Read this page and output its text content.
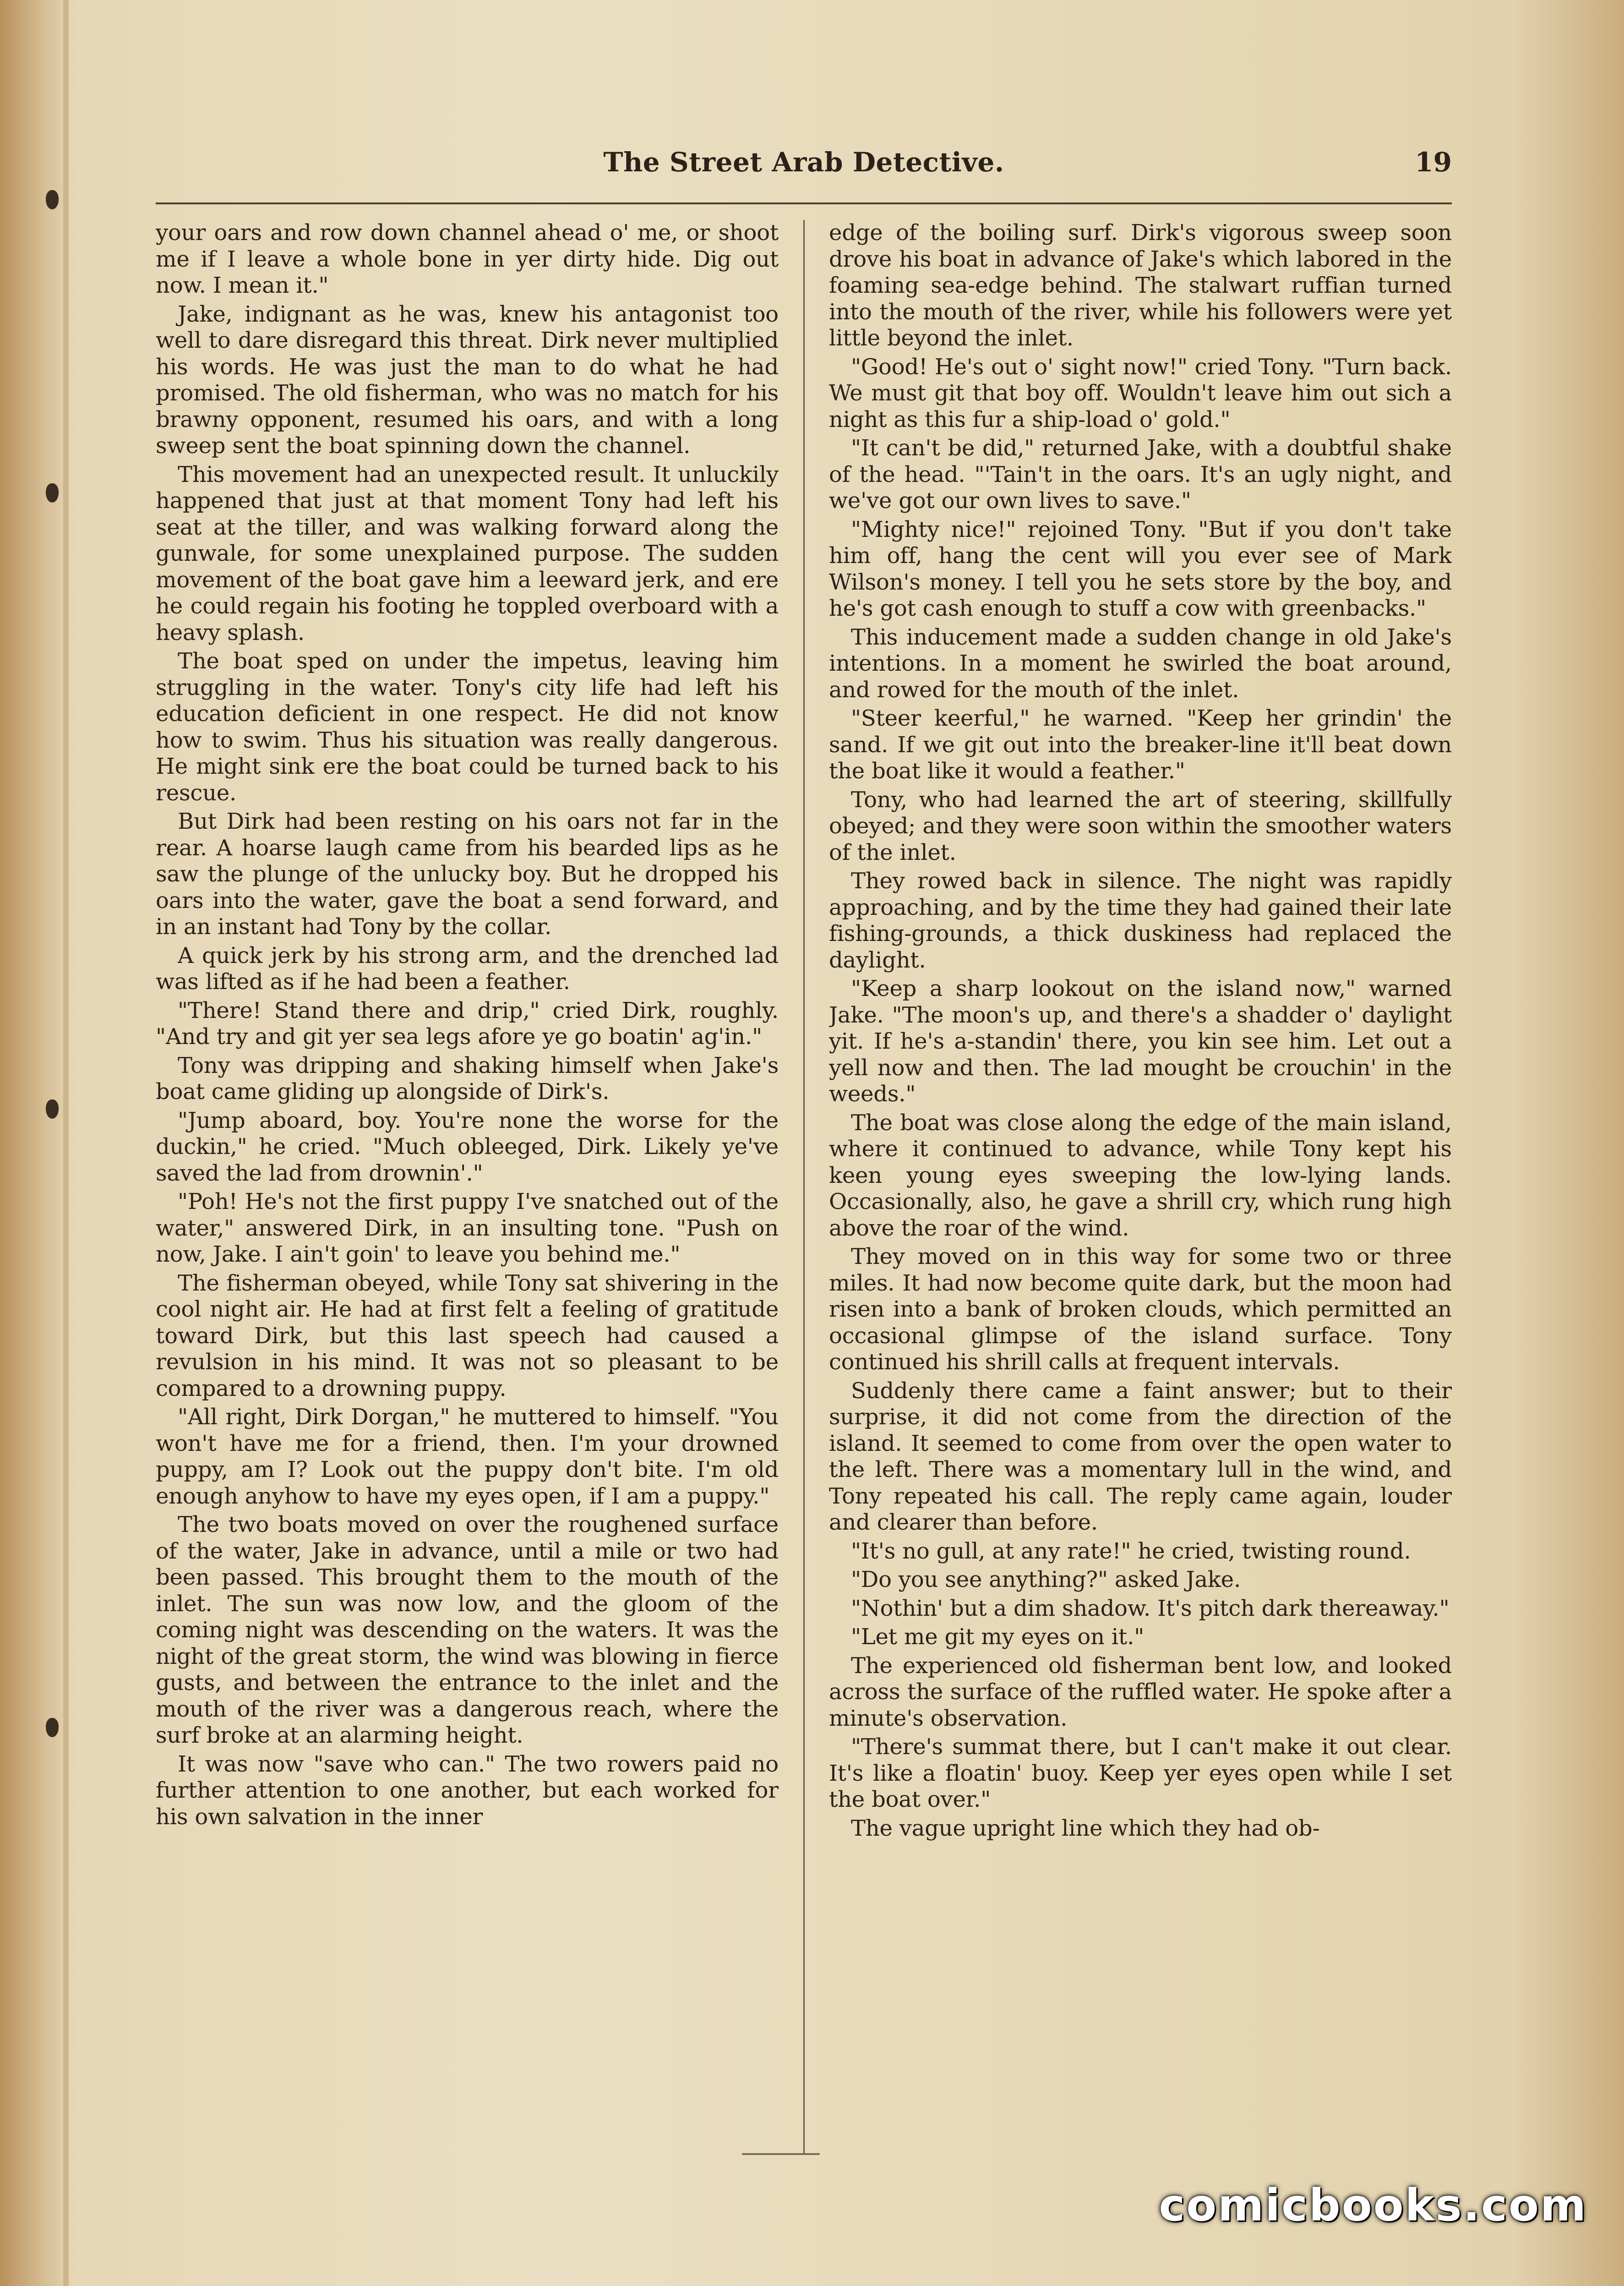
The Street Arab Detective.	19

your oars and row down channel ahead o' me, or shoot me if I leave a whole bone in yer dirty hide. Dig out now. I mean it."

Jake, indignant as he was, knew his antagonist too well to dare disregard this threat. Dirk never multiplied his words. He was just the man to do what he had promised. The old fisherman, who was no match for his brawny opponent, resumed his oars, and with a long sweep sent the boat spinning down the channel.

This movement had an unexpected result. It unluckily happened that just at that moment Tony had left his seat at the tiller, and was walking forward along the gunwale, for some unexplained purpose. The sudden movement of the boat gave him a leeward jerk, and ere he could regain his footing he toppled overboard with a heavy splash.

The boat sped on under the impetus, leaving him struggling in the water. Tony's city life had left his education deficient in one respect. He did not know how to swim. Thus his situation was really dangerous. He might sink ere the boat could be turned back to his rescue.

But Dirk had been resting on his oars not far in the rear. A hoarse laugh came from his bearded lips as he saw the plunge of the unlucky boy. But he dropped his oars into the water, gave the boat a send forward, and in an instant had Tony by the collar.

A quick jerk by his strong arm, and the drenched lad was lifted as if he had been a feather.

"There! Stand there and drip," cried Dirk, roughly. "And try and git yer sea legs afore ye go boatin' ag'in."

Tony was dripping and shaking himself when Jake's boat came gliding up alongside of Dirk's.

"Jump aboard, boy. You're none the worse for the duckin," he cried. "Much obleeged, Dirk. Likely ye've saved the lad from drownin'."

"Poh! He's not the first puppy I've snatched out of the water," answered Dirk, in an insulting tone. "Push on now, Jake. I ain't goin' to leave you behind me."

The fisherman obeyed, while Tony sat shivering in the cool night air. He had at first felt a feeling of gratitude toward Dirk, but this last speech had caused a revulsion in his mind. It was not so pleasant to be compared to a drowning puppy.

"All right, Dirk Dorgan," he muttered to himself. "You won't have me for a friend, then. I'm your drowned puppy, am I? Look out the puppy don't bite. I'm old enough anyhow to have my eyes open, if I am a puppy."

The two boats moved on over the roughened surface of the water, Jake in advance, until a mile or two had been passed. This brought them to the mouth of the inlet. The sun was now low, and the gloom of the coming night was descending on the waters. It was the night of the great storm, the wind was blowing in fierce gusts, and between the entrance to the inlet and the mouth of the river was a dangerous reach, where the surf broke at an alarming height.

It was now "save who can." The two rowers paid no further attention to one another, but each worked for his own salvation in the inner

edge of the boiling surf. Dirk's vigorous sweep soon drove his boat in advance of Jake's which labored in the foaming sea-edge behind. The stalwart ruffian turned into the mouth of the river, while his followers were yet little beyond the inlet.

"Good! He's out o' sight now!" cried Tony. "Turn back. We must git that boy off. Wouldn't leave him out sich a night as this fur a ship-load o' gold."

"It can't be did," returned Jake, with a doubtful shake of the head. "'Tain't in the oars. It's an ugly night, and we've got our own lives to save."

"Mighty nice!" rejoined Tony. "But if you don't take him off, hang the cent will you ever see of Mark Wilson's money. I tell you he sets store by the boy, and he's got cash enough to stuff a cow with greenbacks."

This inducement made a sudden change in old Jake's intentions. In a moment he swirled the boat around, and rowed for the mouth of the inlet.

"Steer keerful," he warned. "Keep her grindin' the sand. If we git out into the breaker-line it'll beat down the boat like it would a feather."

Tony, who had learned the art of steering, skillfully obeyed; and they were soon within the smoother waters of the inlet.

They rowed back in silence. The night was rapidly approaching, and by the time they had gained their late fishing-grounds, a thick duskiness had replaced the daylight.

"Keep a sharp lookout on the island now," warned Jake. "The moon's up, and there's a shadder o' daylight yit. If he's a-standin' there, you kin see him. Let out a yell now and then. The lad mought be crouchin' in the weeds."

The boat was close along the edge of the main island, where it continued to advance, while Tony kept his keen young eyes sweeping the low-lying lands. Occasionally, also, he gave a shrill cry, which rung high above the roar of the wind.

They moved on in this way for some two or three miles. It had now become quite dark, but the moon had risen into a bank of broken clouds, which permitted an occasional glimpse of the island surface. Tony continued his shrill calls at frequent intervals.

Suddenly there came a faint answer; but to their surprise, it did not come from the direction of the island. It seemed to come from over the open water to the left. There was a momentary lull in the wind, and Tony repeated his call. The reply came again, louder and clearer than before.

"It's no gull, at any rate!" he cried, twisting round.

"Do you see anything?" asked Jake.

"Nothin' but a dim shadow. It's pitch dark thereaway."

"Let me git my eyes on it."

The experienced old fisherman bent low, and looked across the surface of the ruffled water. He spoke after a minute's observation.

"There's summat there, but I can't make it out clear. It's like a floatin' buoy. Keep yer eyes open while I set the boat over."

The vague upright line which they had ob-

comicbooks.com
